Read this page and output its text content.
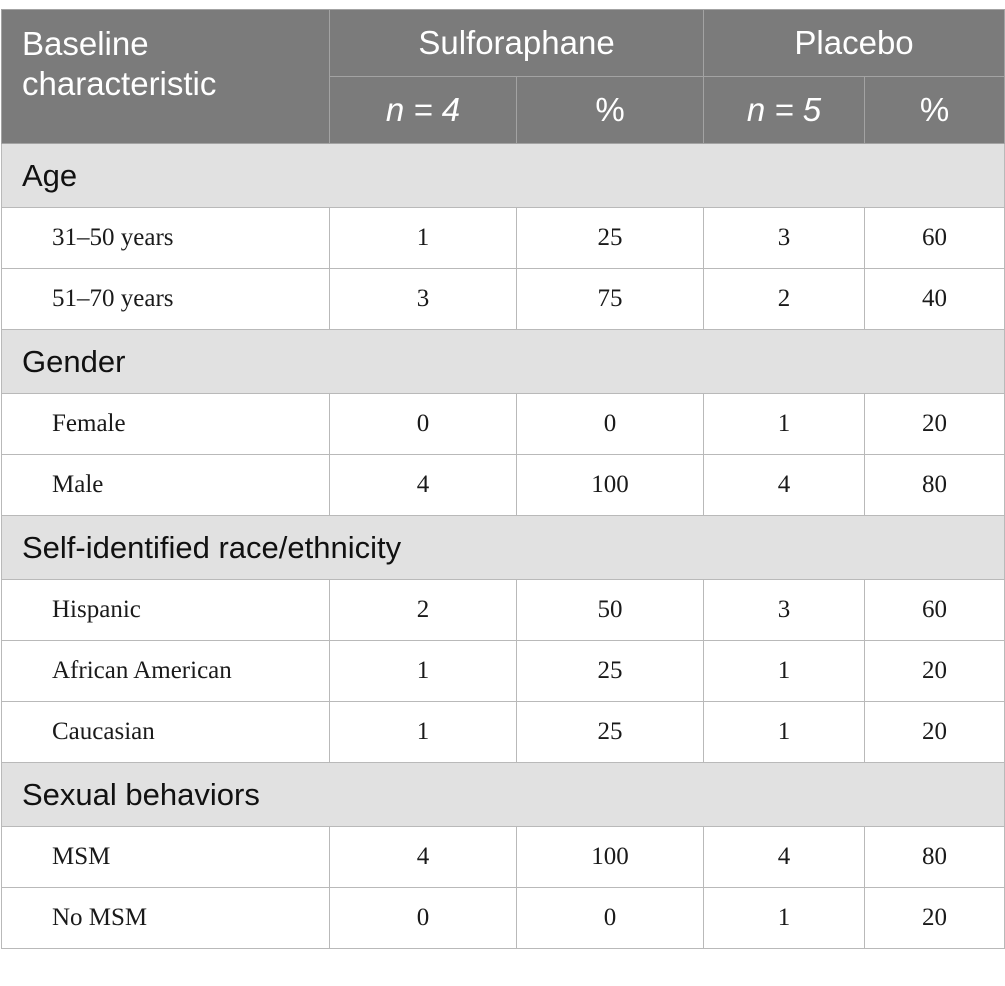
Baseline
characteristic	Sulforaphane		Placebo	
	n = 4	%	n = 5	%
Age				
31–50 years	1	25	3	60
51–70 years	3	75	2	40
Gender				
Female	0	0	1	20
Male	4	100	4	80
Self-identified race/ethnicity				
Hispanic	2	50	3	60
African American	1	25	1	20
Caucasian	1	25	1	20
Sexual behaviors				
MSM	4	100	4	80
No MSM	0	0	1	20
